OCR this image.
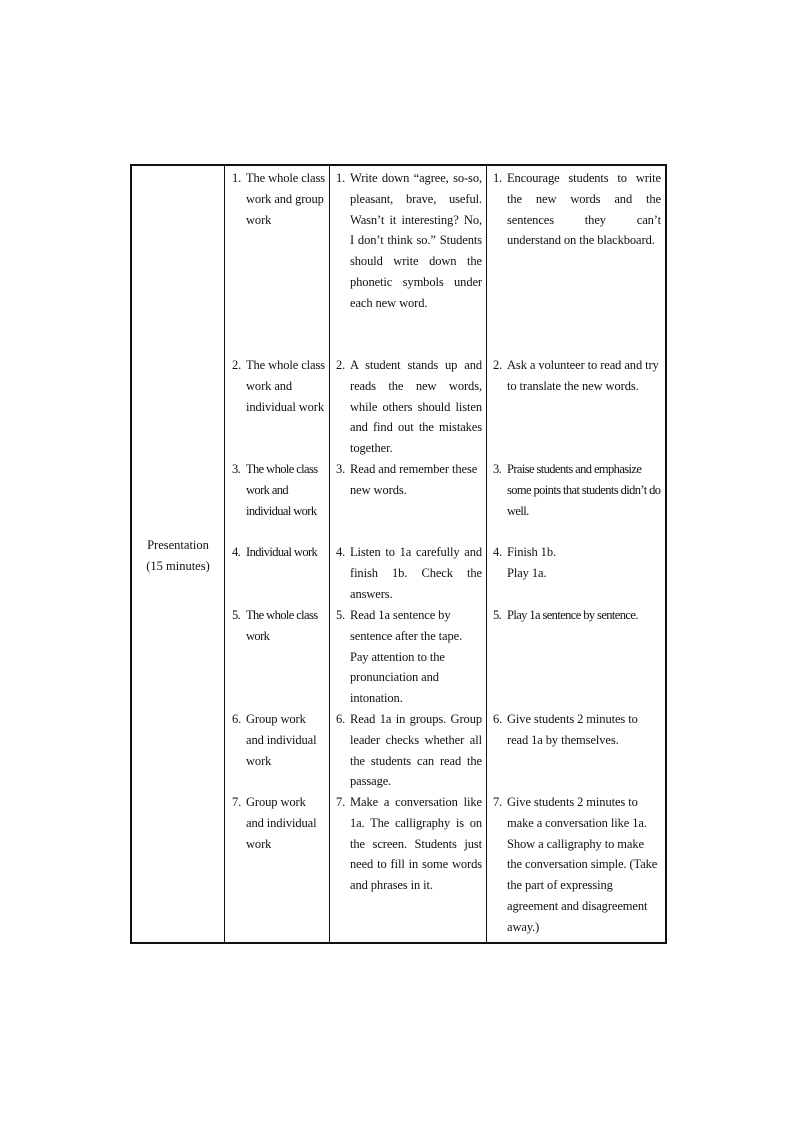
Presentation
(15 minutes)
1. The whole class work and group work
1. Write down “agree, so-so, pleasant, brave, useful. Wasn’t it interesting? No, I don’t think so.” Students should write down the phonetic symbols under each new word.
1. Encourage students to write the new words and the sentences they can’t understand on the blackboard.
2. The whole class work and individual work
2. A student stands up and reads the new words, while others should listen and find out the mistakes together.
2. Ask a volunteer to read and try to translate the new words.
3. The whole class work and individual work
3. Read and remember these new words.
3. Praise students and emphasize some points that students didn’t do well.
4. Individual work	4. Listen to 1a carefully and finish 1b. Check the answers.
4. Finish 1b. Play 1a.
5. The whole class work
5. Read 1a sentence by sentence after the tape. Pay attention to the pronunciation and intonation.
5. Play 1a sentence by sentence.
6. Group work and individual work
6. Read 1a in groups. Group leader checks whether all the students can read the passage.
6. Give students 2 minutes to read 1a by themselves.
7. Group work and individual work
7. Make a conversation like 1a. The calligraphy is on the screen. Students just need to fill in some words and phrases in it.
7. Give students 2 minutes to make a conversation like 1a. Show a calligraphy to make the conversation simple. (Take the part of expressing agreement and disagreement away.)
